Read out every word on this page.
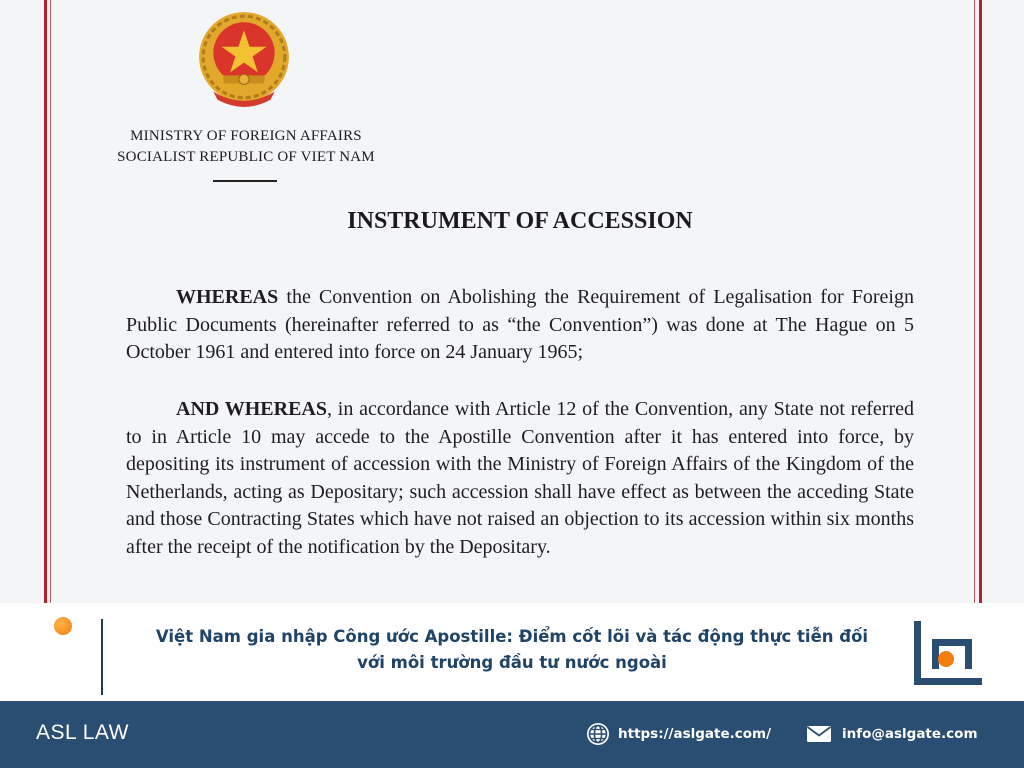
MINISTRY OF FOREIGN AFFAIRS
SOCIALIST REPUBLIC OF VIET NAM
INSTRUMENT OF ACCESSION

WHEREAS the Convention on Abolishing the Requirement of Legalisation for Foreign Public Documents (hereinafter referred to as “the Convention”) was done at The Hague on 5 October 1961 and entered into force on 24 January 1965;

AND WHEREAS, in accordance with Article 12 of the Convention, any State not referred to in Article 10 may accede to the Apostille Convention after it has entered into force, by depositing its instrument of accession with the Ministry of Foreign Affairs of the Kingdom of the Netherlands, acting as Depositary; such accession shall have effect as between the acceding State and those Contracting States which have not raised an objection to its accession within six months after the receipt of the notification by the Depositary.

Việt Nam gia nhập Công ước Apostille: Điểm cốt lõi và tác động thực tiễn đối
với môi trường đầu tư nước ngoài
ASL LAW	https://aslgate.com/	info@aslgate.com
